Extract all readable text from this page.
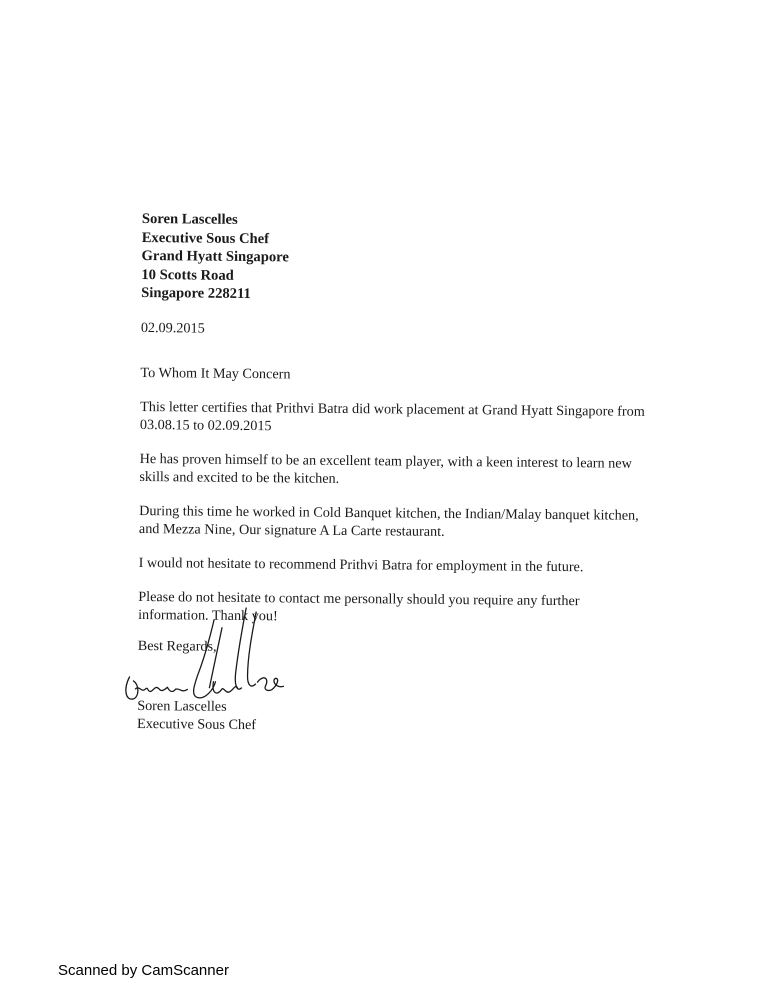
Soren Lascelles
Executive Sous Chef
Grand Hyatt Singapore
10 Scotts Road
Singapore 228211
02.09.2015
To Whom It May Concern
This letter certifies that Prithvi Batra did work placement at Grand Hyatt Singapore from
03.08.15 to 02.09.2015
He has proven himself to be an excellent team player, with a keen interest to learn new
skills and excited to be the kitchen.
During this time he worked in Cold Banquet kitchen, the Indian/Malay banquet kitchen,
and Mezza Nine, Our signature A La Carte restaurant.
I would not hesitate to recommend Prithvi Batra for employment in the future.
Please do not hesitate to contact me personally should you require any further
information. Thank you!
Best Regards,
Soren Lascelles
Executive Sous Chef
Scanned by CamScanner
